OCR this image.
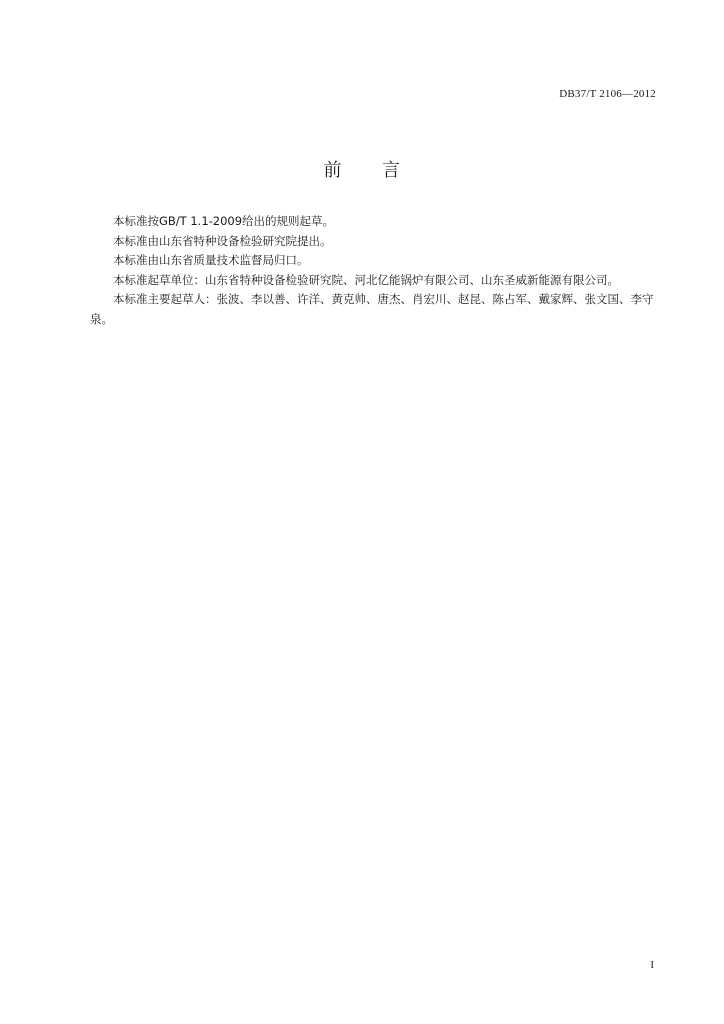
DB37/T 2106—2012
前 言
本标准按GB/T 1.1-2009给出的规则起草。
本标准由山东省特种设备检验研究院提出。
本标准由山东省质量技术监督局归口。
本标准起草单位：山东省特种设备检验研究院、河北亿能锅炉有限公司、山东圣威新能源有限公司。
本标准主要起草人：张波、李以善、许洋、黄克帅、唐杰、肖宏川、赵昆、陈占军、戴家辉、张文国、李守泉。
I
